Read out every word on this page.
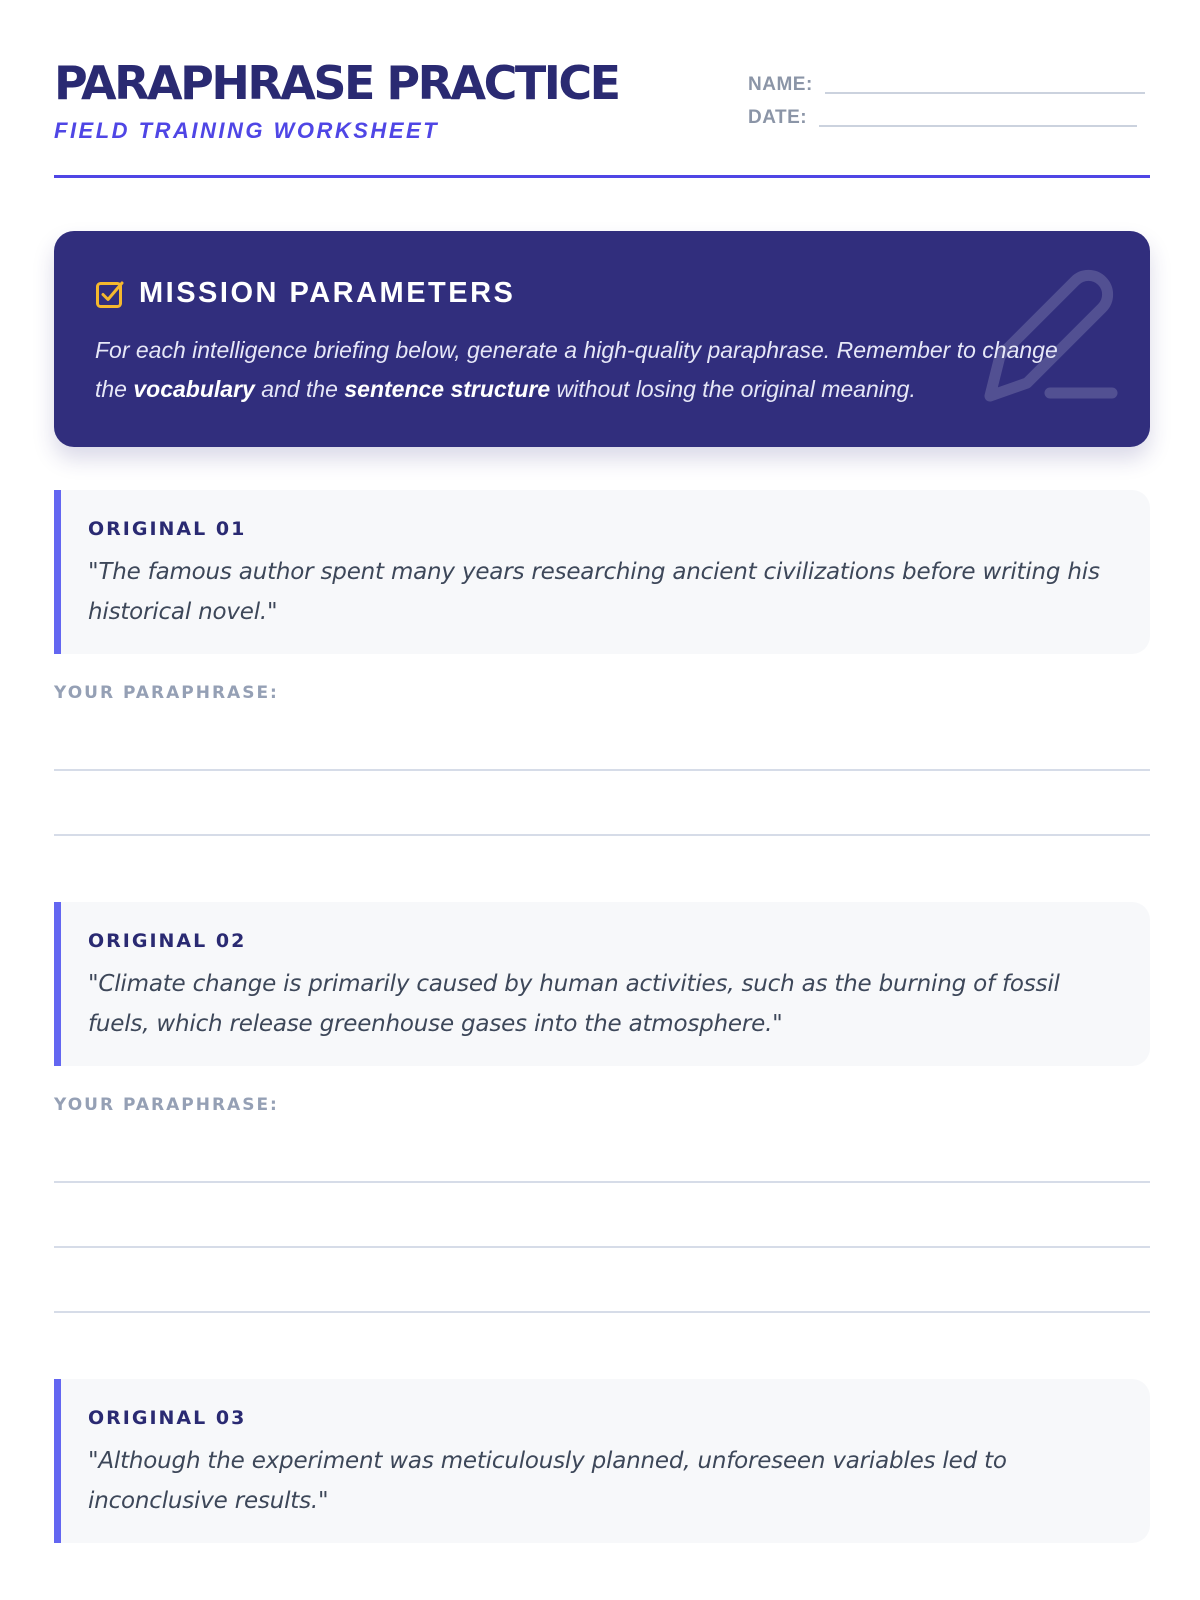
PARAPHRASE PRACTICE
FIELD TRAINING WORKSHEET
NAME:
DATE:
MISSION PARAMETERS

For each intelligence briefing below, generate a high-quality paraphrase. Remember to change the vocabulary and the sentence structure without losing the original meaning.

ORIGINAL 01
"The famous author spent many years researching ancient civilizations before writing his historical novel."
YOUR PARAPHRASE:
ORIGINAL 02
"Climate change is primarily caused by human activities, such as the burning of fossil fuels, which release greenhouse gases into the atmosphere."
YOUR PARAPHRASE:
ORIGINAL 03
"Although the experiment was meticulously planned, unforeseen variables led to inconclusive results."
